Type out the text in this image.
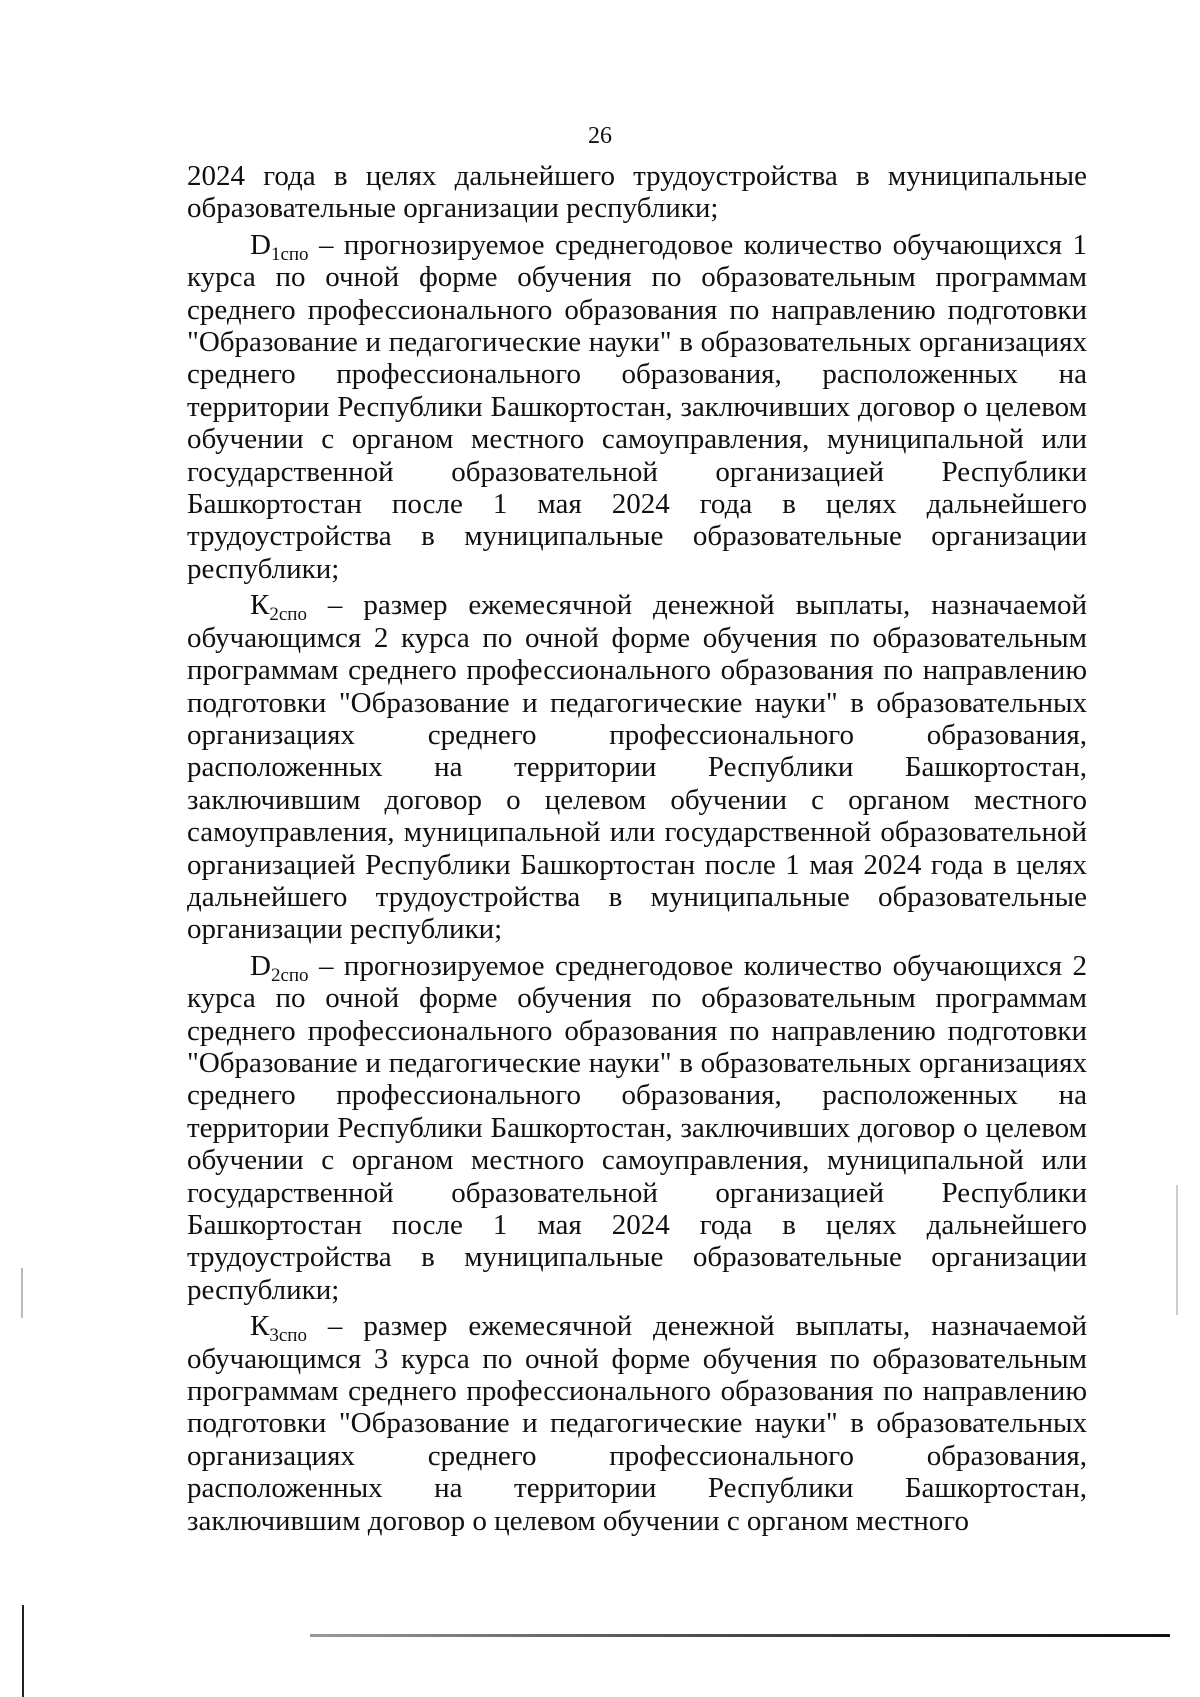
26

2024 года в целях дальнейшего трудоустройства в муниципальные образовательные организации республики;

$D_{1спо}$ – прогнозируемое среднегодовое количество обучающихся 1 курса по очной форме обучения по образовательным программам среднего профессионального образования по направлению подготовки "Образование и педагогические науки" в образовательных организациях среднего профессионального образования, расположенных на территории Республики Башкортостан, заключивших договор о целевом обучении с органом местного самоуправления, муниципальной или государственной образовательной организацией Республики Башкортостан после 1 мая 2024 года в целях дальнейшего трудоустройства в муниципальные образовательные организации республики;

$К_{2спо}$ – размер ежемесячной денежной выплаты, назначаемой обучающимся 2 курса по очной форме обучения по образовательным программам среднего профессионального образования по направлению подготовки "Образование и педагогические науки" в образовательных организациях среднего профессионального образования, расположенных на территории Республики Башкортостан, заключившим договор о целевом обучении с органом местного самоуправления, муниципальной или государственной образовательной организацией Республики Башкортостан после 1 мая 2024 года в целях дальнейшего трудоустройства в муниципальные образовательные организации республики;

$D_{2спо}$ – прогнозируемое среднегодовое количество обучающихся 2 курса по очной форме обучения по образовательным программам среднего профессионального образования по направлению подготовки "Образование и педагогические науки" в образовательных организациях среднего профессионального образования, расположенных на территории Республики Башкортостан, заключивших договор о целевом обучении с органом местного самоуправления, муниципальной или государственной образовательной организацией Республики Башкортостан после 1 мая 2024 года в целях дальнейшего трудоустройства в муниципальные образовательные организации республики;

$К_{3спо}$ – размер ежемесячной денежной выплаты, назначаемой обучающимся 3 курса по очной форме обучения по образовательным программам среднего профессионального образования по направлению подготовки "Образование и педагогические науки" в образовательных организациях среднего профессионального образования, расположенных на территории Республики Башкортостан, заключившим договор о целевом обучении с органом местного
